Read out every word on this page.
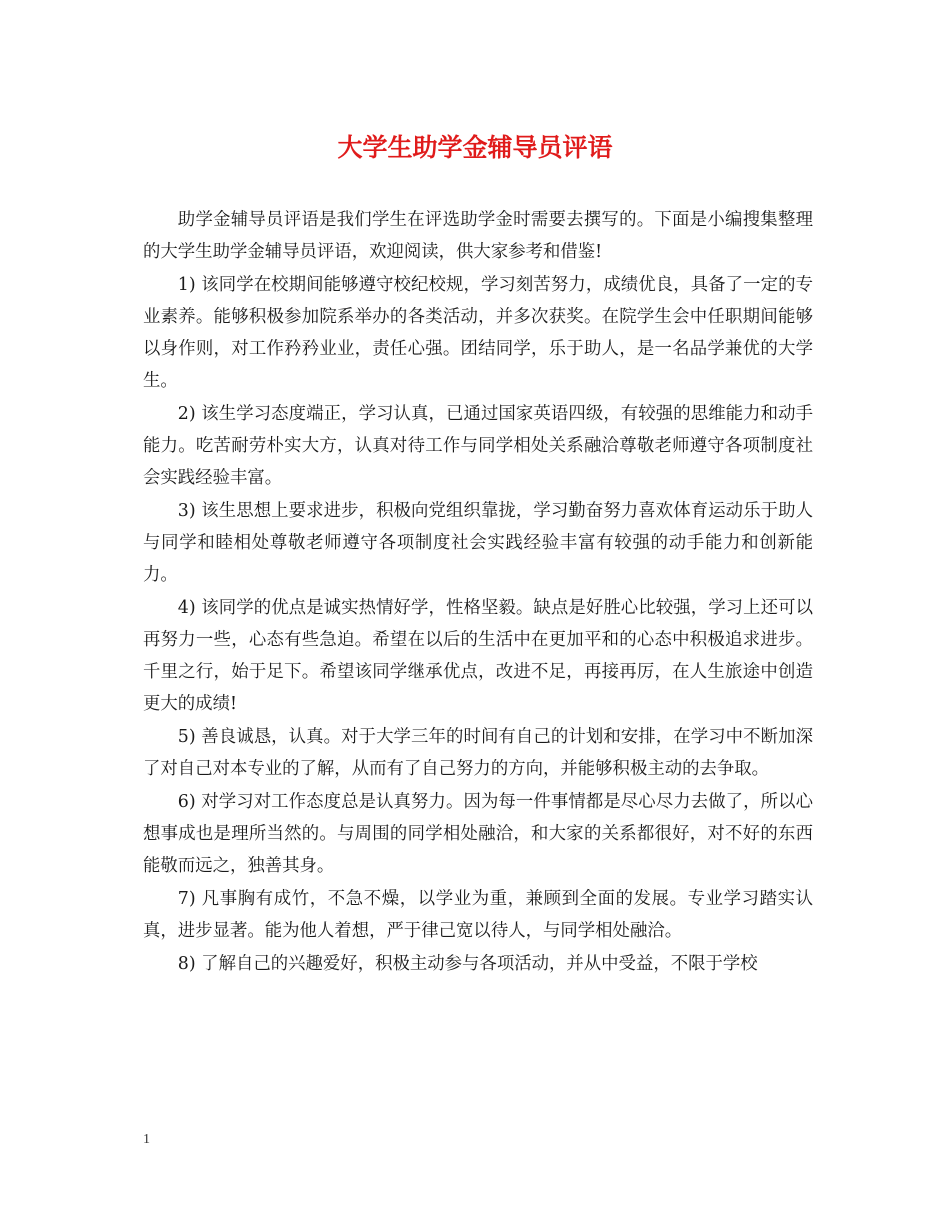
大学生助学金辅导员评语

助学金辅导员评语是我们学生在评选助学金时需要去撰写的。下面是小编搜集整理的大学生助学金辅导员评语，欢迎阅读，供大家参考和借鉴!

1) 该同学在校期间能够遵守校纪校规，学习刻苦努力，成绩优良，具备了一定的专业素养。能够积极参加院系举办的各类活动，并多次获奖。在院学生会中任职期间能够以身作则，对工作矜矜业业，责任心强。团结同学，乐于助人，是一名品学兼优的大学生。

2) 该生学习态度端正，学习认真，已通过国家英语四级，有较强的思维能力和动手能力。吃苦耐劳朴实大方，认真对待工作与同学相处关系融洽尊敬老师遵守各项制度社会实践经验丰富。

3) 该生思想上要求进步，积极向党组织靠拢，学习勤奋努力喜欢体育运动乐于助人与同学和睦相处尊敬老师遵守各项制度社会实践经验丰富有较强的动手能力和创新能力。

4) 该同学的优点是诚实热情好学，性格坚毅。缺点是好胜心比较强，学习上还可以再努力一些，心态有些急迫。希望在以后的生活中在更加平和的心态中积极追求进步。千里之行，始于足下。希望该同学继承优点，改进不足，再接再厉，在人生旅途中创造更大的成绩!

5) 善良诚恳，认真。对于大学三年的时间有自己的计划和安排，在学习中不断加深了对自己对本专业的了解，从而有了自己努力的方向，并能够积极主动的去争取。

6) 对学习对工作态度总是认真努力。因为每一件事情都是尽心尽力去做了，所以心想事成也是理所当然的。与周围的同学相处融洽，和大家的关系都很好，对不好的东西能敬而远之，独善其身。

7) 凡事胸有成竹，不急不燥，以学业为重，兼顾到全面的发展。专业学习踏实认真，进步显著。能为他人着想，严于律己宽以待人，与同学相处融洽。

8) 了解自己的兴趣爱好，积极主动参与各项活动，并从中受益，不限于学校

1
